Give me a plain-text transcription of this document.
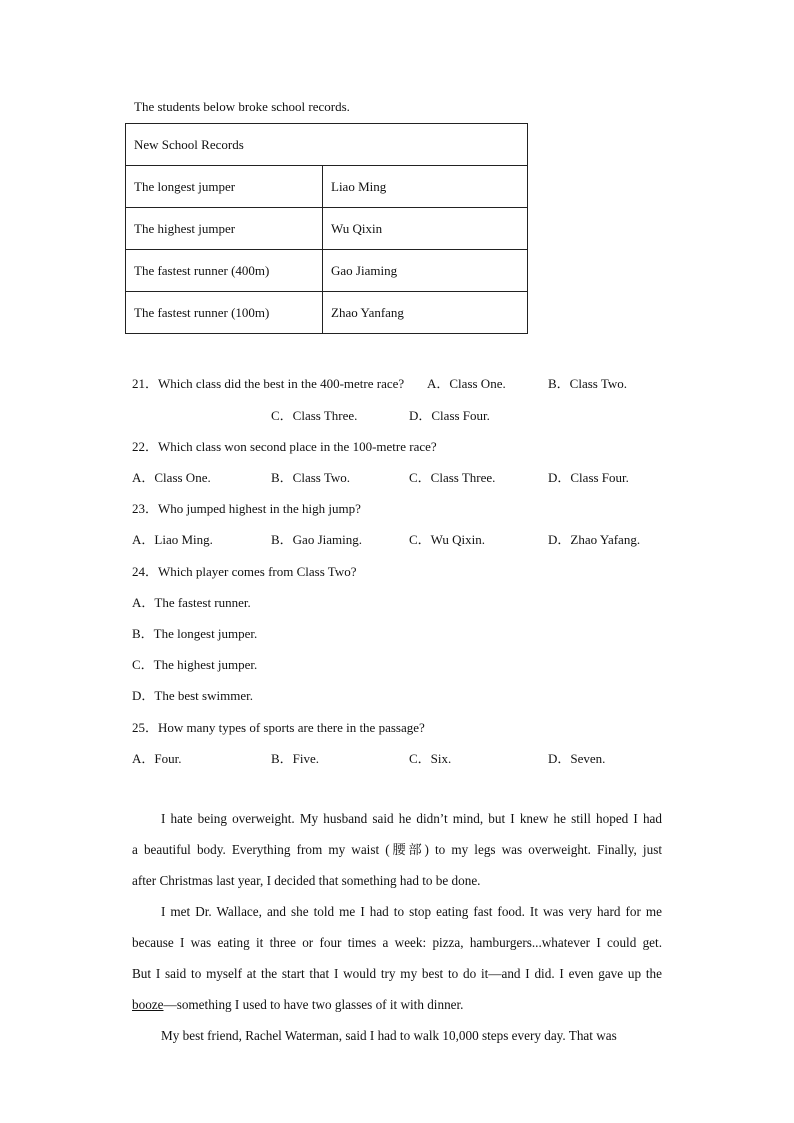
The students below broke school records.
New School Records	
The longest jumper	Liao Ming
The highest jumper	Wu Qixin
The fastest runner (400m)	Gao Jiaming
The fastest runner (100m)	Zhao Yanfang
21．Which class did the best in the 400-metre race? A．Class One.	B．Class Two.
C．Class Three.	D．Class Four.
22．Which class won second place in the 100-metre race?
A．Class One.	B．Class Two.	C．Class Three.	D．Class Four.
23．Who jumped highest in the high jump?
A．Liao Ming.	B．Gao Jiaming.	C．Wu Qixin.	D．Zhao Yafang.
24．Which player comes from Class Two?
A．The fastest runner.
B．The longest jumper.
C．The highest jumper.
D．The best swimmer.
25．How many types of sports are there in the passage?
A．Four.	B．Five.	C．Six.	D．Seven.

I hate being overweight. My husband said he didn’t mind, but I knew he still hoped I had

a beautiful body. Everything from my waist (腰部) to my legs was overweight. Finally, just

after Christmas last year, I decided that something had to be done.

I met Dr. Wallace, and she told me I had to stop eating fast food. It was very hard for me

because I was eating it three or four times a week: pizza, hamburgers...whatever I could get.

But I said to myself at the start that I would try my best to do it—and I did. I even gave up the

booze—something I used to have two glasses of it with dinner.

My best friend, Rachel Waterman, said I had to walk 10,000 steps every day. That was
